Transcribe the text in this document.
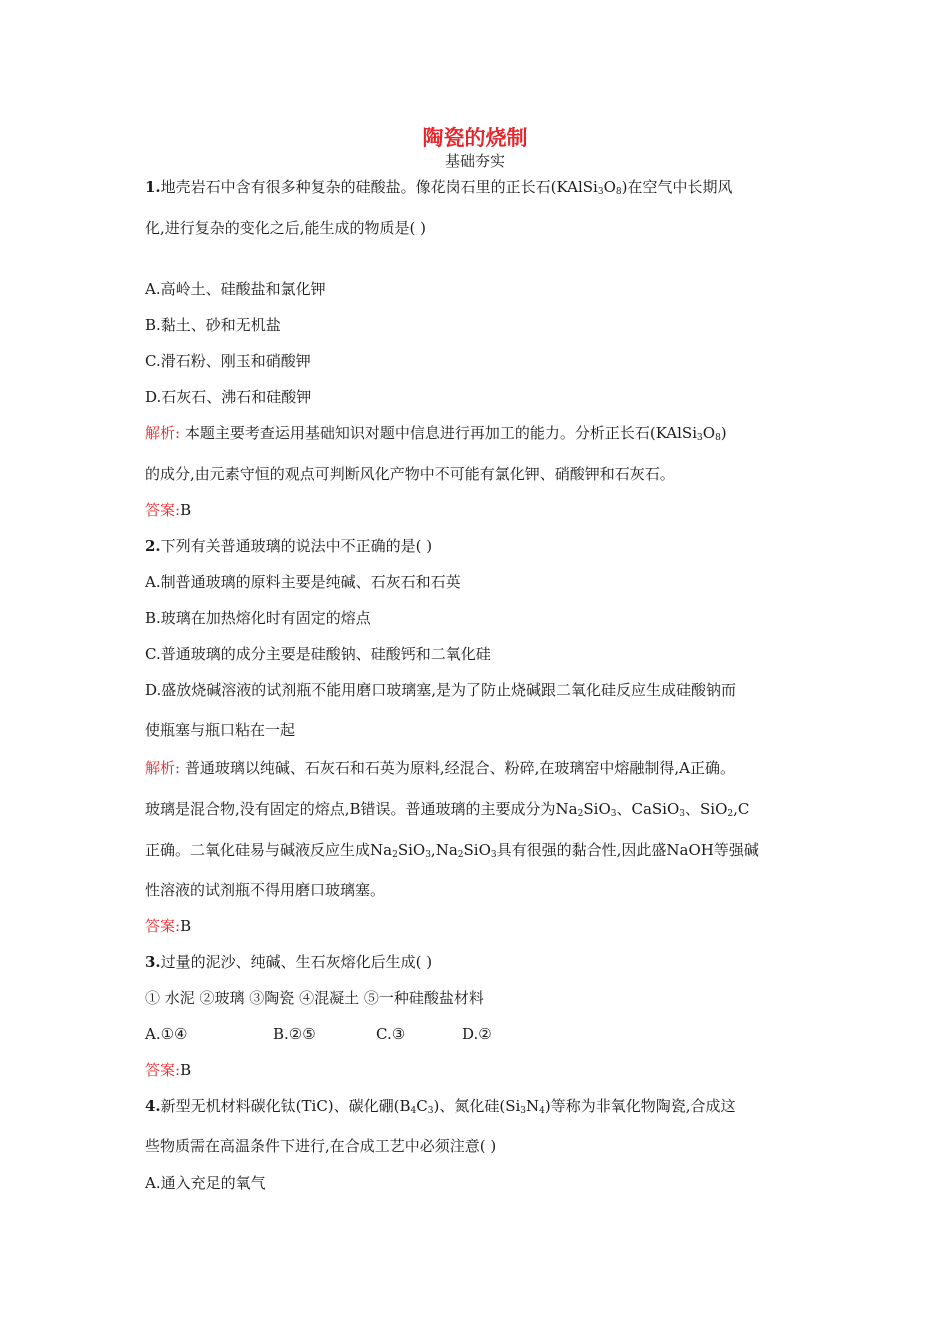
陶瓷的烧制
基础夯实
1.地壳岩石中含有很多种复杂的硅酸盐。像花岗石里的正长石$(KAlSi_3O_8)$在空气中长期风
化,进行复杂的变化之后,能生成的物质是( )
A.高岭土、硅酸盐和氯化钾
B.黏土、砂和无机盐
C.滑石粉、刚玉和硝酸钾
D.石灰石、沸石和硅酸钾
解析: 本题主要考查运用基础知识对题中信息进行再加工的能力。分析正长石$(KAlSi_3O_8)$
的成分,由元素守恒的观点可判断风化产物中不可能有氯化钾、硝酸钾和石灰石。
答案:B
2.下列有关普通玻璃的说法中不正确的是( )
A.制普通玻璃的原料主要是纯碱、石灰石和石英
B.玻璃在加热熔化时有固定的熔点
C.普通玻璃的成分主要是硅酸钠、硅酸钙和二氧化硅
D.盛放烧碱溶液的试剂瓶不能用磨口玻璃塞,是为了防止烧碱跟二氧化硅反应生成硅酸钠而
使瓶塞与瓶口粘在一起
解析: 普通玻璃以纯碱、石灰石和石英为原料,经混合、粉碎,在玻璃窑中熔融制得,A正确。
玻璃是混合物,没有固定的熔点,B错误。普通玻璃的主要成分为$Na_2SiO_3$、CaSiO$_3$、SiO$_2$,C
正确。二氧化硅易与碱液反应生成$Na_2SiO_3,Na_2SiO_3$具有很强的黏合性,因此盛NaOH等强碱
性溶液的试剂瓶不得用磨口玻璃塞。
答案:B
3.过量的泥沙、纯碱、生石灰熔化后生成( )
① 水泥 ②玻璃 ③陶瓷 ④混凝土 ⑤一种硅酸盐材料
A.①④	B.②⑤	C.③	D.②
答案:B
4.新型无机材料碳化钛(TiC)、碳化硼$(B_4C_3)$、氮化硅$(Si_3N_4)$等称为非氧化物陶瓷,合成这
些物质需在高温条件下进行,在合成工艺中必须注意( )
A.通入充足的氧气
